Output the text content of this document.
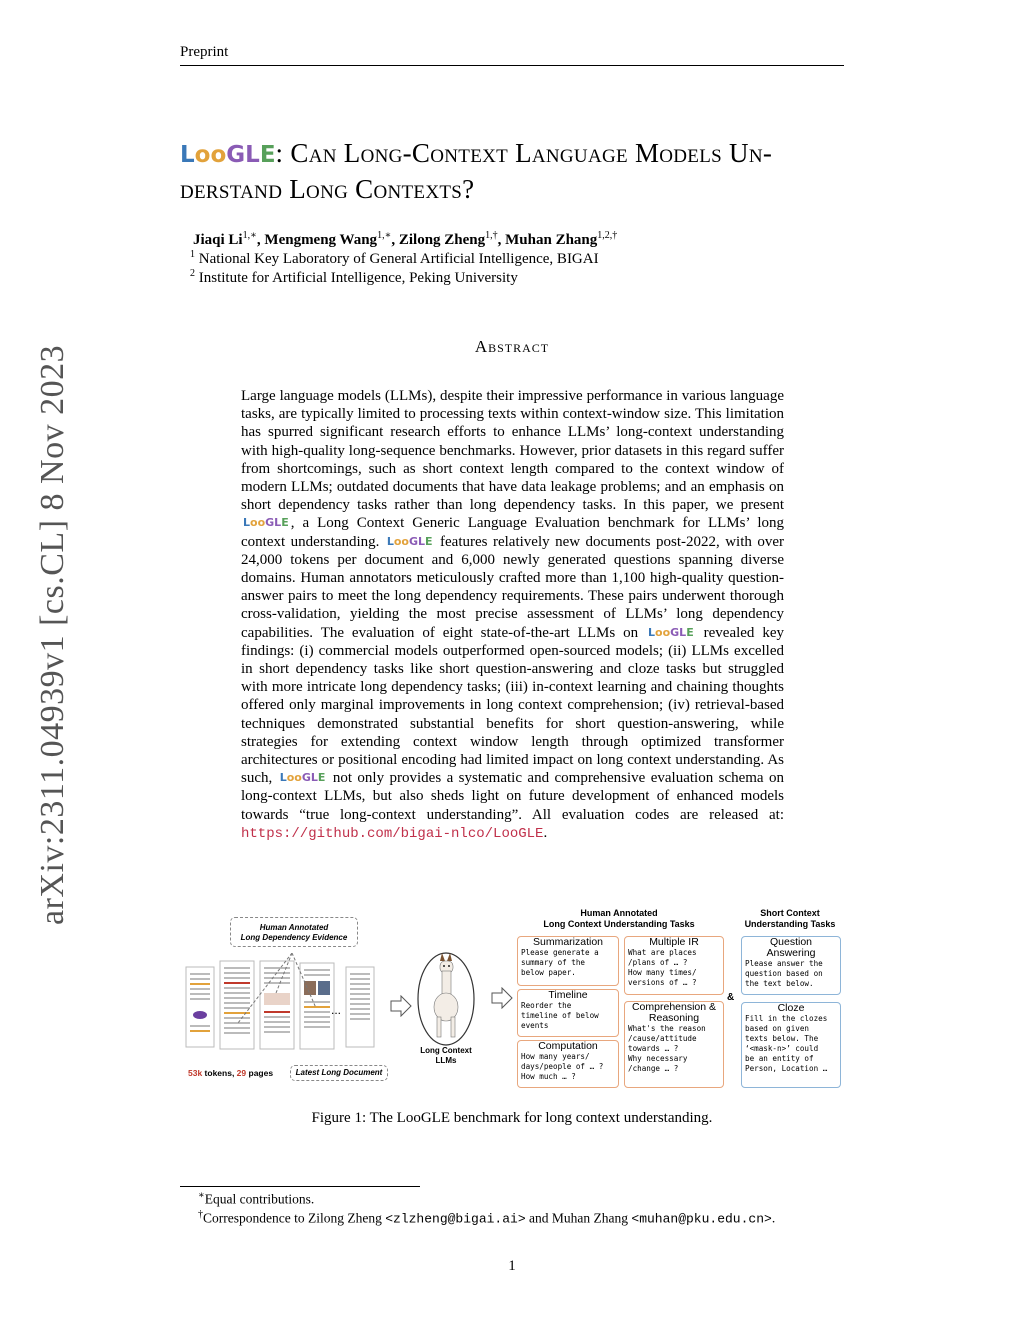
Preprint
arXiv:2311.04939v1 [cs.CL] 8 Nov 2023
LooGLE: Can Long-Context Language Models Un-
derstand Long Contexts?
Jiaqi $Li^{1,∗}$, Mengmeng Wang$^{1,∗}$, Zilong Zheng$^{1,\dagger}$, Muhan Zhang$^{1,2,\dagger}$
$^1$ National Key Laboratory of General Artificial Intelligence, BIGAI
$^2$ Institute for Artificial Intelligence, Peking University
Abstract
Large language models (LLMs), despite their impressive performance in various language tasks, are typically limited to processing texts within context-window size. This limitation has spurred significant research efforts to enhance LLMs’ long-context understanding with high-quality long-sequence benchmarks. However, prior datasets in this regard suffer from shortcomings, such as short context length compared to the context window of modern LLMs; outdated documents that have data leakage problems; and an emphasis on short dependency tasks rather than long dependency tasks. In this paper, we present LooGLE , a Long Context Generic Language Evaluation benchmark for LLMs’ long context understanding. LooGLE features relatively new documents post-2022, with over 24,000 tokens per document and 6,000 newly generated questions spanning diverse domains. Human annotators meticulously crafted more than 1,100 high-quality question-answer pairs to meet the long dependency requirements. These pairs underwent thorough cross-validation, yielding the most precise assessment of LLMs’ long dependency capabilities. The evaluation of eight state-of-the-art LLMs on LooGLE revealed key findings: (i) commercial models outperformed open-sourced models; (ii) LLMs excelled in short dependency tasks like short question-answering and cloze tasks but struggled with more intricate long dependency tasks; (iii) in-context learning and chaining thoughts offered only marginal improvements in long context comprehension; (iv) retrieval-based techniques demonstrated substantial benefits for short question-answering, while strategies for extending context window length through optimized transformer architectures or positional encoding had limited impact on long context understanding. As such, LooGLE not only provides a systematic and comprehensive evaluation schema on long-context LLMs, but also sheds light on future development of enhanced models towards “true long-context understanding”. All evaluation codes are released at: https://github.com/bigai-nlco/LooGLE.
Human Annotated
Long Dependency Evidence
...
53k tokens, 29 pages	Latest Long Document
Long Context
LLMs
Human Annotated
Long Context Understanding Tasks
Short Context
Understanding Tasks
Summarization
Please generate a
summary of the
below paper.
Timeline
Reorder the
timeline of below
events
Computation
How many years/
days/people of … ?
How much … ?
Multiple IR
What are places
/plans of … ?
How many times/
versions of … ?
Comprehension &
Reasoning
What's the reason
/cause/attitude
towards … ?
Why necessary
/change … ?
&
Question
Answering
Please answer the
question based on
the text below.
Cloze
Fill in the clozes
based on given
texts below. The
‘<mask-n>’ could
be an entity of
Person, Location …
Figure 1: The LooGLE benchmark for long context understanding.
∗Equal contributions.
†Correspondence to Zilong Zheng <zlzheng@bigai.ai> and Muhan Zhang <muhan@pku.edu.cn>.
1
